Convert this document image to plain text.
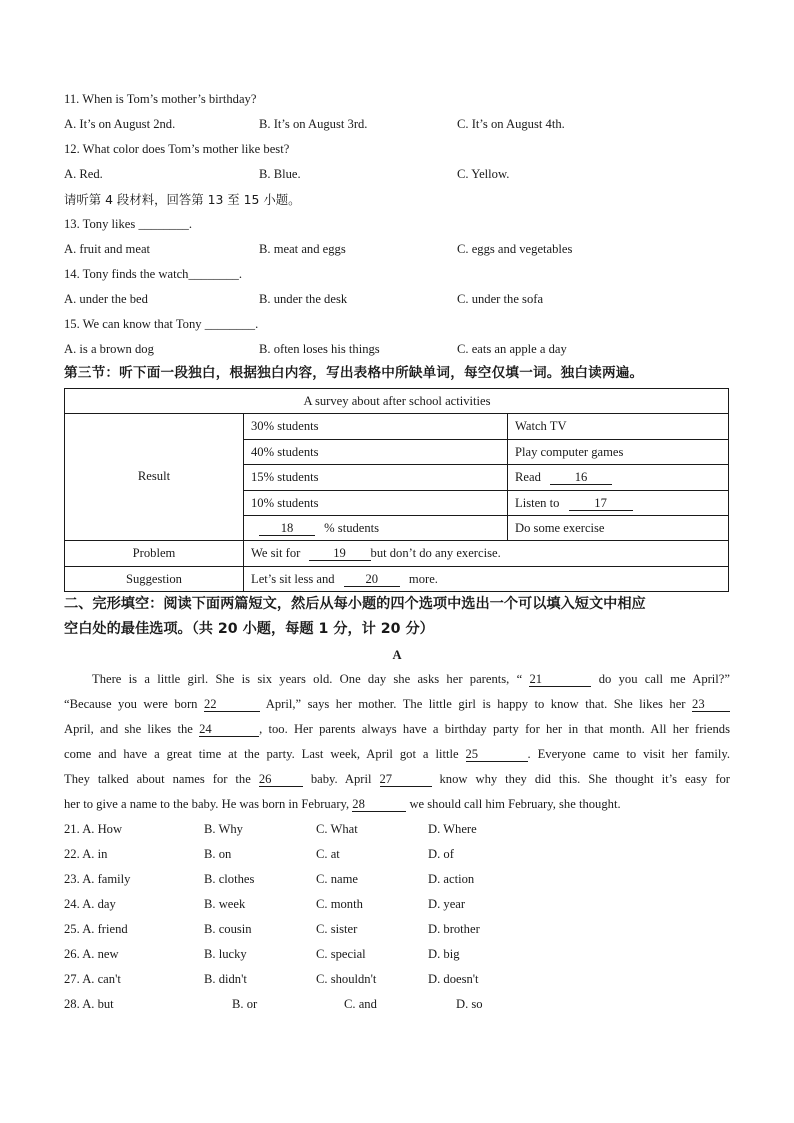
11. When is Tom’s mother’s birthday?
A. It’s on August 2nd.	B. It’s on August 3rd.	C. It’s on August 4th.
12. What color does Tom’s mother like best?
A. Red.	B. Blue.	C. Yellow.
请听第 4 段材料，回答第 13 至 15 小题。
13. Tony likes ________.
A. fruit and meat	B. meat and eggs	C. eggs and vegetables
14. Tony finds the watch________.
A. under the bed	B. under the desk	C. under the sofa
15. We can know that Tony ________.
A. is a brown dog	B. often loses his things	C. eats an apple a day
第三节：听下面一段独白，根据独白内容，写出表格中所缺单词，每空仅填一词。独白读两遍。
A survey about after school activities
Result
30% students	Watch TV
40% students	Play computer games
15% students	Read	16
10% students	Listen to	17
18 % students	Do some exercise
Problem	We sit for	19 but don’t do any exercise.
Suggestion	Let’s sit less and 20 more.
二、完形填空：阅读下面两篇短文，然后从每小题的四个选项中选出一个可以填入短文中相应
空白处的最佳选项。（共 20 小题，每题 1 分，计 20 分）
A
There is a little girl. She is six years old. One day she asks her parents, “ 21	do you call me April?”
“Because you were born 22	April,” says her mother. The little girl is happy to know that. She likes her 23
April, and she likes the 24	, too. Her parents always have a birthday party for her in that month. All her friends
come and have a great time at the party. Last week, April got a little 25	. Everyone came to visit her family.
They talked about names for the 26	baby. April 27	know why they did this. She thought it’s easy for
her to give a name to the baby. He was born in February, 28	we should call him February, she thought.
21. A. How	B. Why	C. What	D. Where
22. A. in	B. on	C. at	D. of
23. A. family	B. clothes	C. name	D. action
24. A. day	B. week	C. month	D. year
25. A. friend	B. cousin	C. sister	D. brother
26. A. new	B. lucky	C. special	D. big
27. A. can't	B. didn't	C. shouldn't	D. doesn't
28. A. but	B. or	C. and	D. so
